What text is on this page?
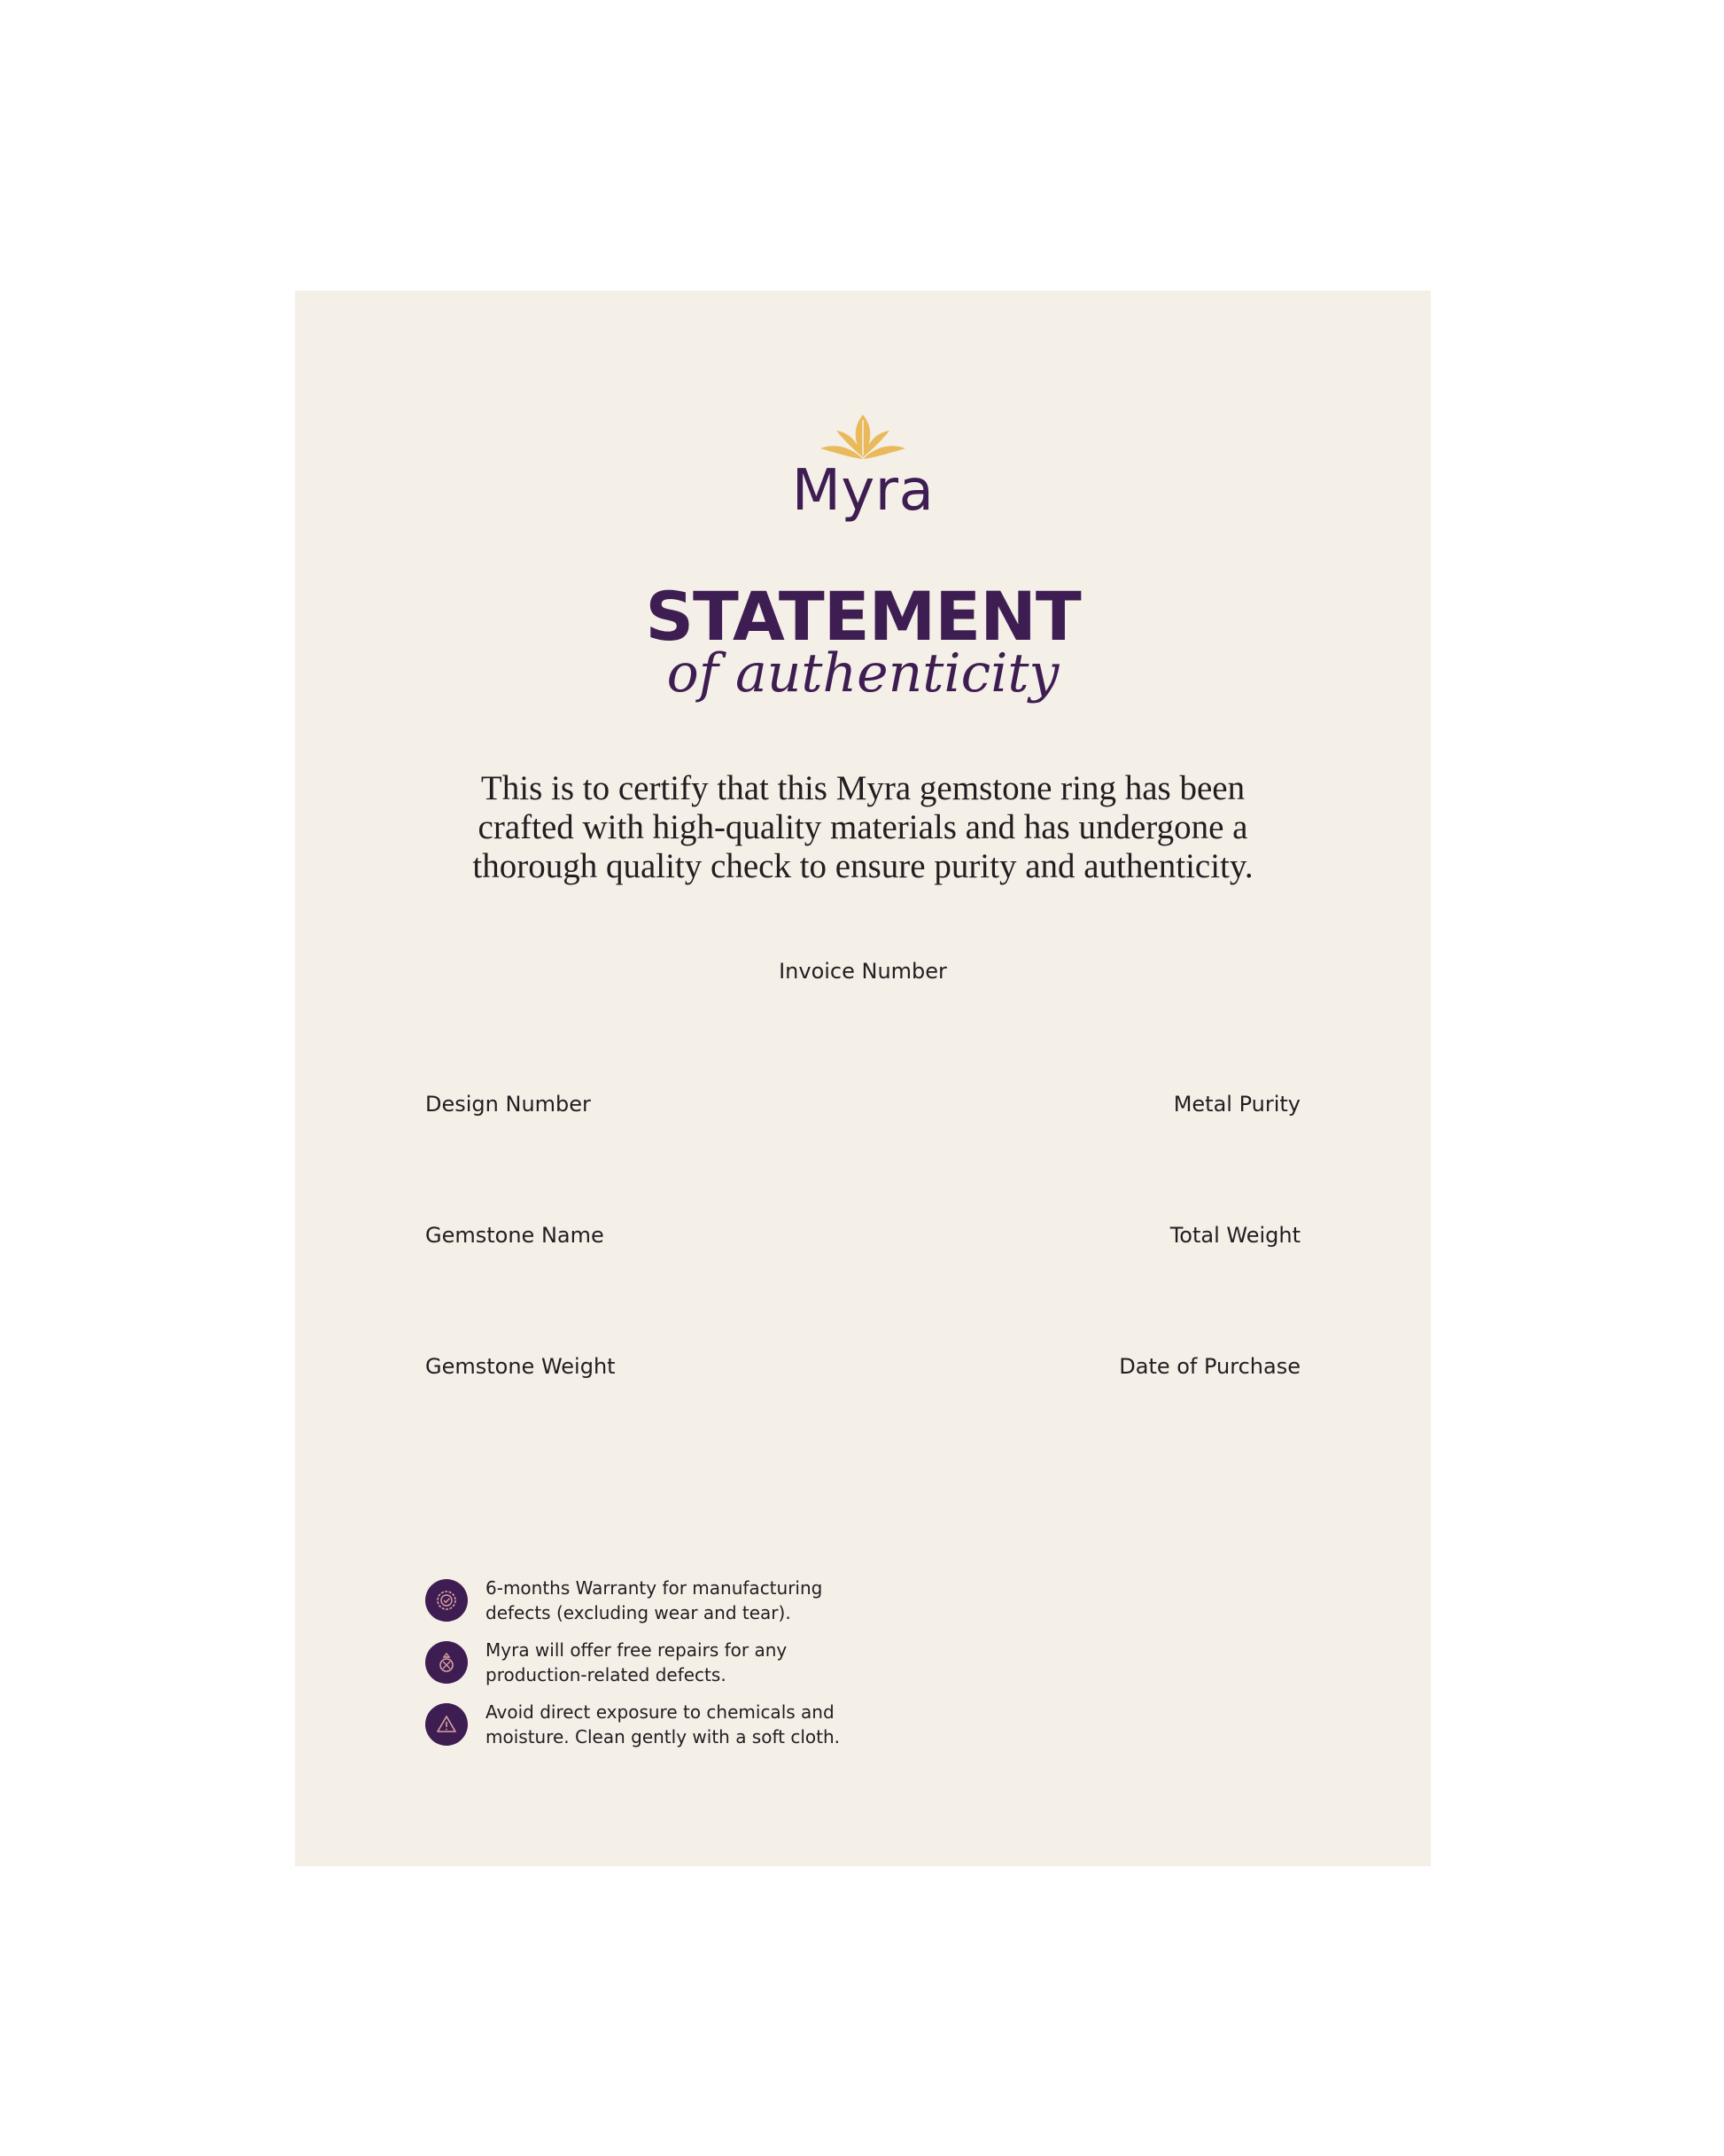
Myra
STATEMENT
of authenticity
This is to certify that this Myra gemstone ring has been
crafted with high-quality materials and has undergone a
thorough quality check to ensure purity and authenticity.
Invoice Number
Design Number	Metal Purity
Gemstone Name	Total Weight
Gemstone Weight	Date of Purchase
6-months Warranty for manufacturing
defects (excluding wear and tear).
Myra will offer free repairs for any
production-related defects.
Avoid direct exposure to chemicals and
moisture. Clean gently with a soft cloth.
